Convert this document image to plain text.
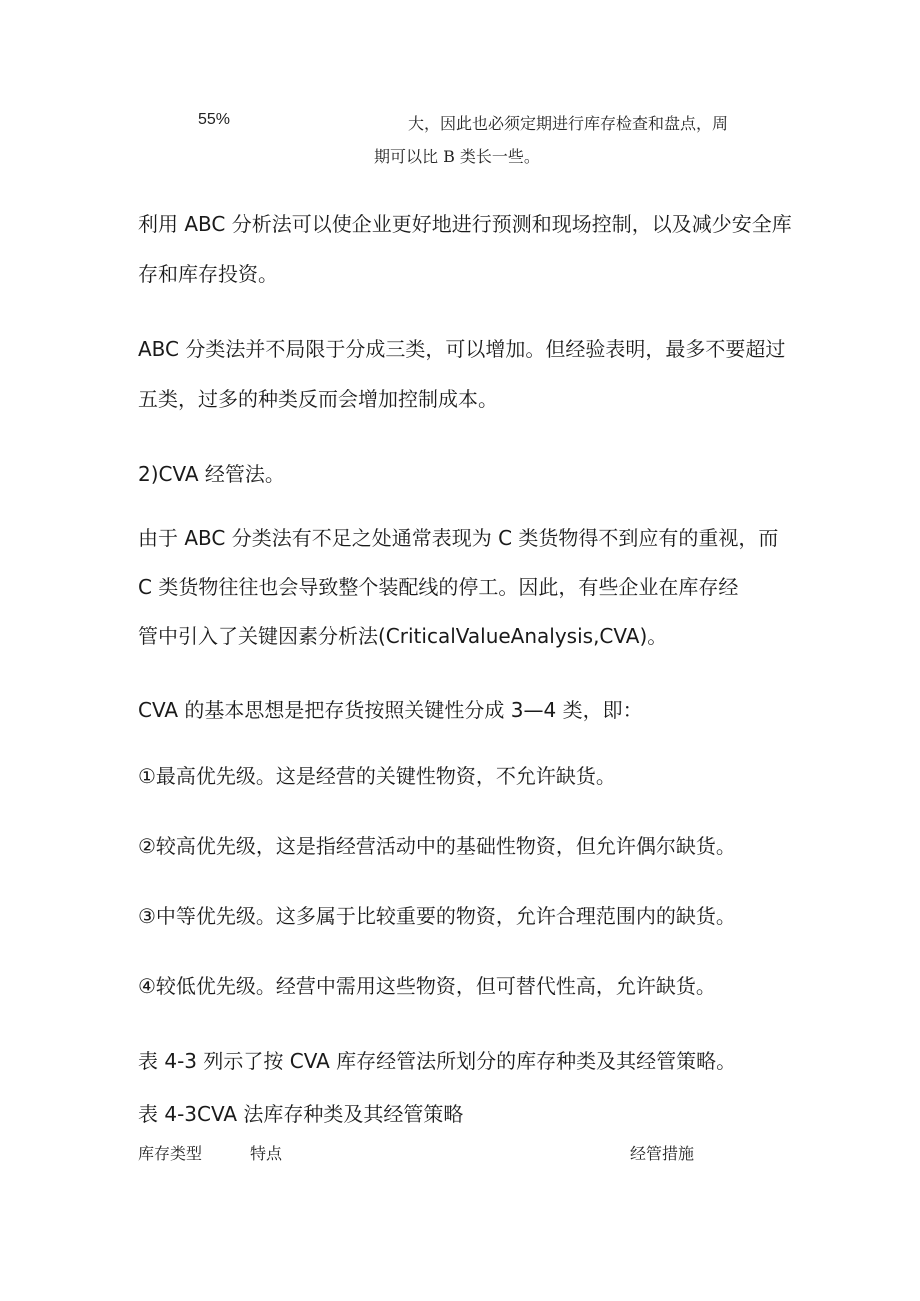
55%	大，因此也必须定期进行库存检查和盘点，周
期可以比 B 类长一些。

利用 ABC 分析法可以使企业更好地进行预测和现场控制，以及减少安全库

存和库存投资。

ABC 分类法并不局限于分成三类，可以增加。但经验表明，最多不要超过

五类，过多的种类反而会增加控制成本。

2)CVA 经管法。

由于 ABC 分类法有不足之处通常表现为 C 类货物得不到应有的重视，而

C 类货物往往也会导致整个装配线的停工。因此，有些企业在库存经

管中引入了关键因素分析法(CriticalValueAnalysis,CVA)。

CVA 的基本思想是把存货按照关键性分成 3—4 类，即：

①最高优先级。这是经营的关键性物资，不允许缺货。

②较高优先级，这是指经营活动中的基础性物资，但允许偶尔缺货。

③中等优先级。这多属于比较重要的物资，允许合理范围内的缺货。

④较低优先级。经营中需用这些物资，但可替代性高，允许缺货。

表 4-3 列示了按 CVA 库存经管法所划分的库存种类及其经管策略。

表 4-3CVA 法库存种类及其经管策略

库存类型	特点	经管措施
